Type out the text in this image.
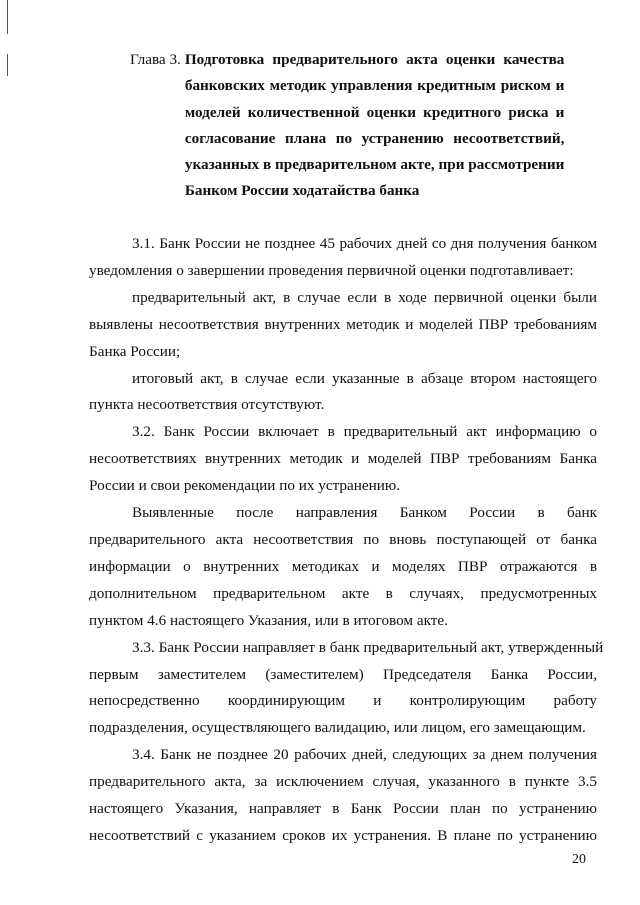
Глава 3. Подготовка предварительного акта оценки качества
банковских методик управления кредитным риском и
моделей количественной оценки кредитного риска и
согласование плана по устранению несоответствий,
указанных в предварительном акте, при рассмотрении
Банком России ходатайства банка
3.1. Банк России не позднее 45 рабочих дней со дня получения банком
уведомления о завершении проведения первичной оценки подготавливает:
предварительный акт, в случае если в ходе первичной оценки были
выявлены несоответствия внутренних методик и моделей ПВР требованиям
Банка России;
итоговый акт, в случае если указанные в абзаце втором настоящего
пункта несоответствия отсутствуют.
3.2. Банк России включает в предварительный акт информацию о
несоответствиях внутренних методик и моделей ПВР требованиям Банка
России и свои рекомендации по их устранению.
Выявленные после направления Банком России в банк
предварительного акта несоответствия по вновь поступающей от банка
информации о внутренних методиках и моделях ПВР отражаются в
дополнительном предварительном акте в случаях, предусмотренных
пунктом 4.6 настоящего Указания, или в итоговом акте.
3.3. Банк России направляет в банк предварительный акт, утвержденный
первым заместителем (заместителем) Председателя Банка России,
непосредственно координирующим и контролирующим работу
подразделения, осуществляющего валидацию, или лицом, его замещающим.
3.4. Банк не позднее 20 рабочих дней, следующих за днем получения
предварительного акта, за исключением случая, указанного в пункте 3.5
настоящего Указания, направляет в Банк России план по устранению
несоответствий с указанием сроков их устранения. В плане по устранению
20
